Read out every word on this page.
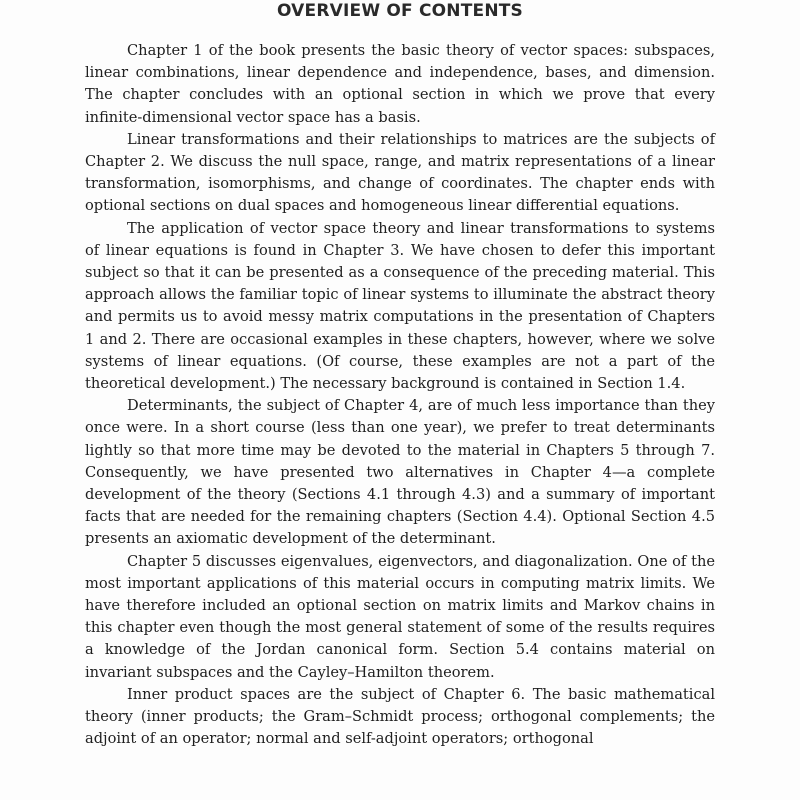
OVERVIEW OF CONTENTS

Chapter 1 of the book presents the basic theory of vector spaces: subspaces, linear combinations, linear dependence and independence, bases, and dimension. The chapter concludes with an optional section in which we prove that every infinite-dimensional vector space has a basis.

Linear transformations and their relationships to matrices are the subjects of Chapter 2. We discuss the null space, range, and matrix representations of a linear transformation, isomorphisms, and change of coordinates. The chapter ends with optional sections on dual spaces and homogeneous linear differential equations.

The application of vector space theory and linear transformations to systems of linear equations is found in Chapter 3. We have chosen to defer this important subject so that it can be presented as a consequence of the preceding material. This approach allows the familiar topic of linear systems to illuminate the abstract theory and permits us to avoid messy matrix computations in the presentation of Chapters 1 and 2. There are occasional examples in these chapters, however, where we solve systems of linear equations. (Of course, these examples are not a part of the theoretical development.) The necessary background is contained in Section 1.4.

Determinants, the subject of Chapter 4, are of much less importance than they once were. In a short course (less than one year), we prefer to treat determinants lightly so that more time may be devoted to the material in Chapters 5 through 7. Consequently, we have presented two alternatives in Chapter 4—a complete development of the theory (Sections 4.1 through 4.3) and a summary of important facts that are needed for the remaining chapters (Section 4.4). Optional Section 4.5 presents an axiomatic development of the determinant.

Chapter 5 discusses eigenvalues, eigenvectors, and diagonalization. One of the most important applications of this material occurs in computing matrix limits. We have therefore included an optional section on matrix limits and Markov chains in this chapter even though the most general statement of some of the results requires a knowledge of the Jordan canonical form. Section 5.4 contains material on invariant subspaces and the Cayley–Hamilton theorem.

Inner product spaces are the subject of Chapter 6. The basic mathematical theory (inner products; the Gram–Schmidt process; orthogonal complements; the adjoint of an operator; normal and self-adjoint operators; orthogonal
